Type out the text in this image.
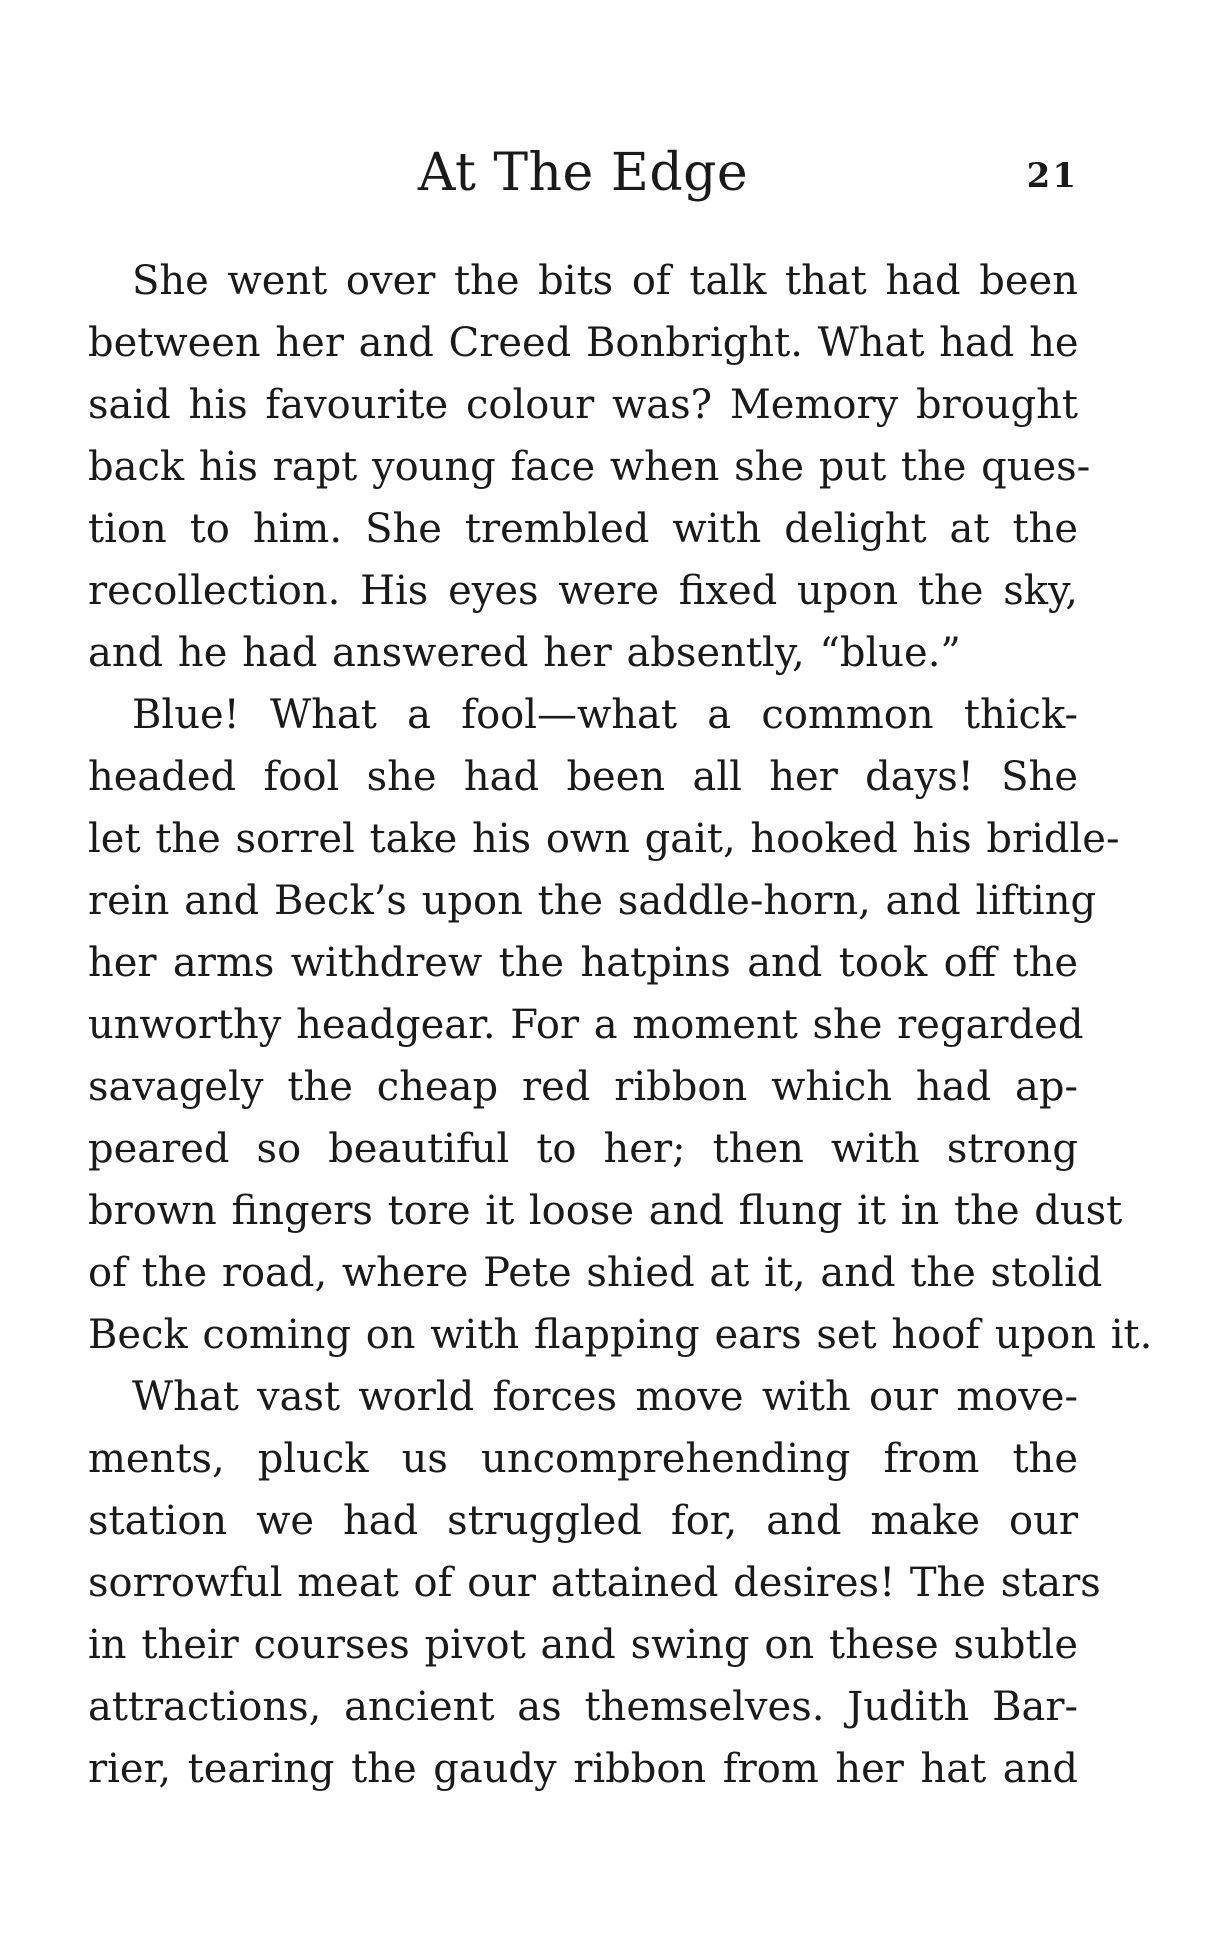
At The Edge	21

She went over the bits of talk that had been
between her and Creed Bonbright. What had he
said his favourite colour was? Memory brought
back his rapt young face when she put the ques-
tion to him. She trembled with delight at the
recollection. His eyes were fixed upon the sky,
and he had answered her absently, “blue.”

Blue! What a fool—what a common thick-
headed fool she had been all her days! She
let the sorrel take his own gait, hooked his bridle-
rein and Beck’s upon the saddle-horn, and lifting
her arms withdrew the hatpins and took off the
unworthy headgear. For a moment she regarded
savagely the cheap red ribbon which had ap-
peared so beautiful to her; then with strong
brown fingers tore it loose and flung it in the dust
of the road, where Pete shied at it, and the stolid
Beck coming on with flapping ears set hoof upon it.

What vast world forces move with our move-
ments, pluck us uncomprehending from the
station we had struggled for, and make our
sorrowful meat of our attained desires! The stars
in their courses pivot and swing on these subtle
attractions, ancient as themselves. Judith Bar-
rier, tearing the gaudy ribbon from her hat and
